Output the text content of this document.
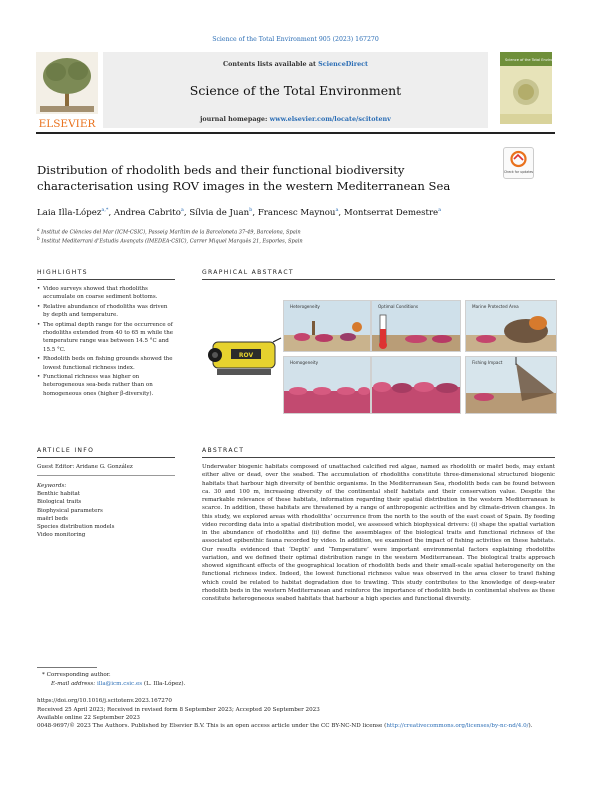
Science of the Total Environment 905 (2023) 167270
ELSEVIER
Contents lists available at ScienceDirect
Science of the Total Environment
journal homepage: www.elsevier.com/locate/scitotenv
Science of the Total Environment
Check for updates
Distribution of rhodolith beds and their functional biodiversity
characterisation using ROV images in the western Mediterranean Sea
Laia Illa-López$^{a,*}$, Andrea Cabrito$^a$, Sílvia de Juan$^b$, Francesc Maynou$^a$, Montserrat Demestre$^a$
$^a$ Institut de Ciències del Mar (ICM-CSIC), Passeig Marítim de la Barceloneta 37-49, Barcelona, Spain
$^b$ Institut Mediterrani d’Estudis Avançats (IMEDEA-CSIC), Carrer Miquel Marquès 21, Esporles, Spain
HIGHLIGHTS
• Video surveys showed that rhodoliths accumulate on coarse sediment bottoms.
• Relative abundance of rhodoliths was driven by depth and temperature.
• The optimal depth range for the occurrence of rhodoliths extended from 40 to 65 m while the temperature range was between 14.5 °C and 15.5 °C.
• Rhodolith beds on fishing grounds showed the lowest functional richness index.
• Functional richness was higher on heterogeneous sea-beds rather than on homogeneous ones (higher β-diversity).
GRAPHICAL ABSTRACT
ROV
Heterogeneity	Optimal Conditions	Marine Protected Area
Homogeneity	Fishing Impact
ARTICLE INFO
Guest Editor: Aridane G. González
Keywords:
Benthic habitat
Biological traits
Biophysical parameters
maërl beds
Species distribution models
Video monitoring
ABSTRACT

Underwater biogenic habitats composed of unattached calcified red algae, named as rhodolith or maërl beds, may extant either alive or dead, over the seabed. The accumulation of rhodoliths constitute three-dimensional structured biogenic habitats that harbour high diversity of benthic organisms. In the Mediterranean Sea, rhodolith beds can be found between ca. 30 and 100 m, increasing diversity of the continental shelf habitats and their conservation value. Despite the remarkable relevance of these habitats, information regarding their spatial distribution in the western Mediterranean is scarce. In addition, these habitats are threatened by a range of anthropogenic activities and by climate-driven changes. In this study, we explored areas with rhodoliths’ occurrence from the north to the south of the east coast of Spain. By feeding video recording data into a spatial distribution model, we assessed which biophysical drivers: (i) shape the spatial variation in the abundance of rhodoliths and (ii) define the assemblages of the biological traits and functional richness of the associated epibenthic fauna recorded by video. In addition, we examined the impact of fishing activities on these habitats. Our results evidenced that ‘Depth’ and ‘Temperature’ were important environmental factors explaining rhodoliths variation, and we defined their optimal distribution range in the western Mediterranean. The biological traits approach showed significant effects of the geographical location of rhodolith beds and their small-scale spatial heterogeneity on the functional richness index. Indeed, the lowest functional richness value was observed in the area closer to trawl fishing which could be related to habitat degradation due to trawling. This study contributes to the knowledge of deep-water rhodolith beds in the western Mediterranean and reinforce the importance of rhodolith beds in continental shelves as these constitute heterogeneous seabed habitats that harbour a high species and functional diversity.

* Corresponding author.
E-mail address: illa@icm.csic.es (L. Illa-López).
https://doi.org/10.1016/j.scitotenv.2023.167270
Received 25 April 2023; Received in revised form 8 September 2023; Accepted 20 September 2023
Available online 22 September 2023
0048-9697/© 2023 The Authors. Published by Elsevier B.V. This is an open access article under the CC BY-NC-ND license (http://creativecommons.org/licenses/by-nc-nd/4.0/).
